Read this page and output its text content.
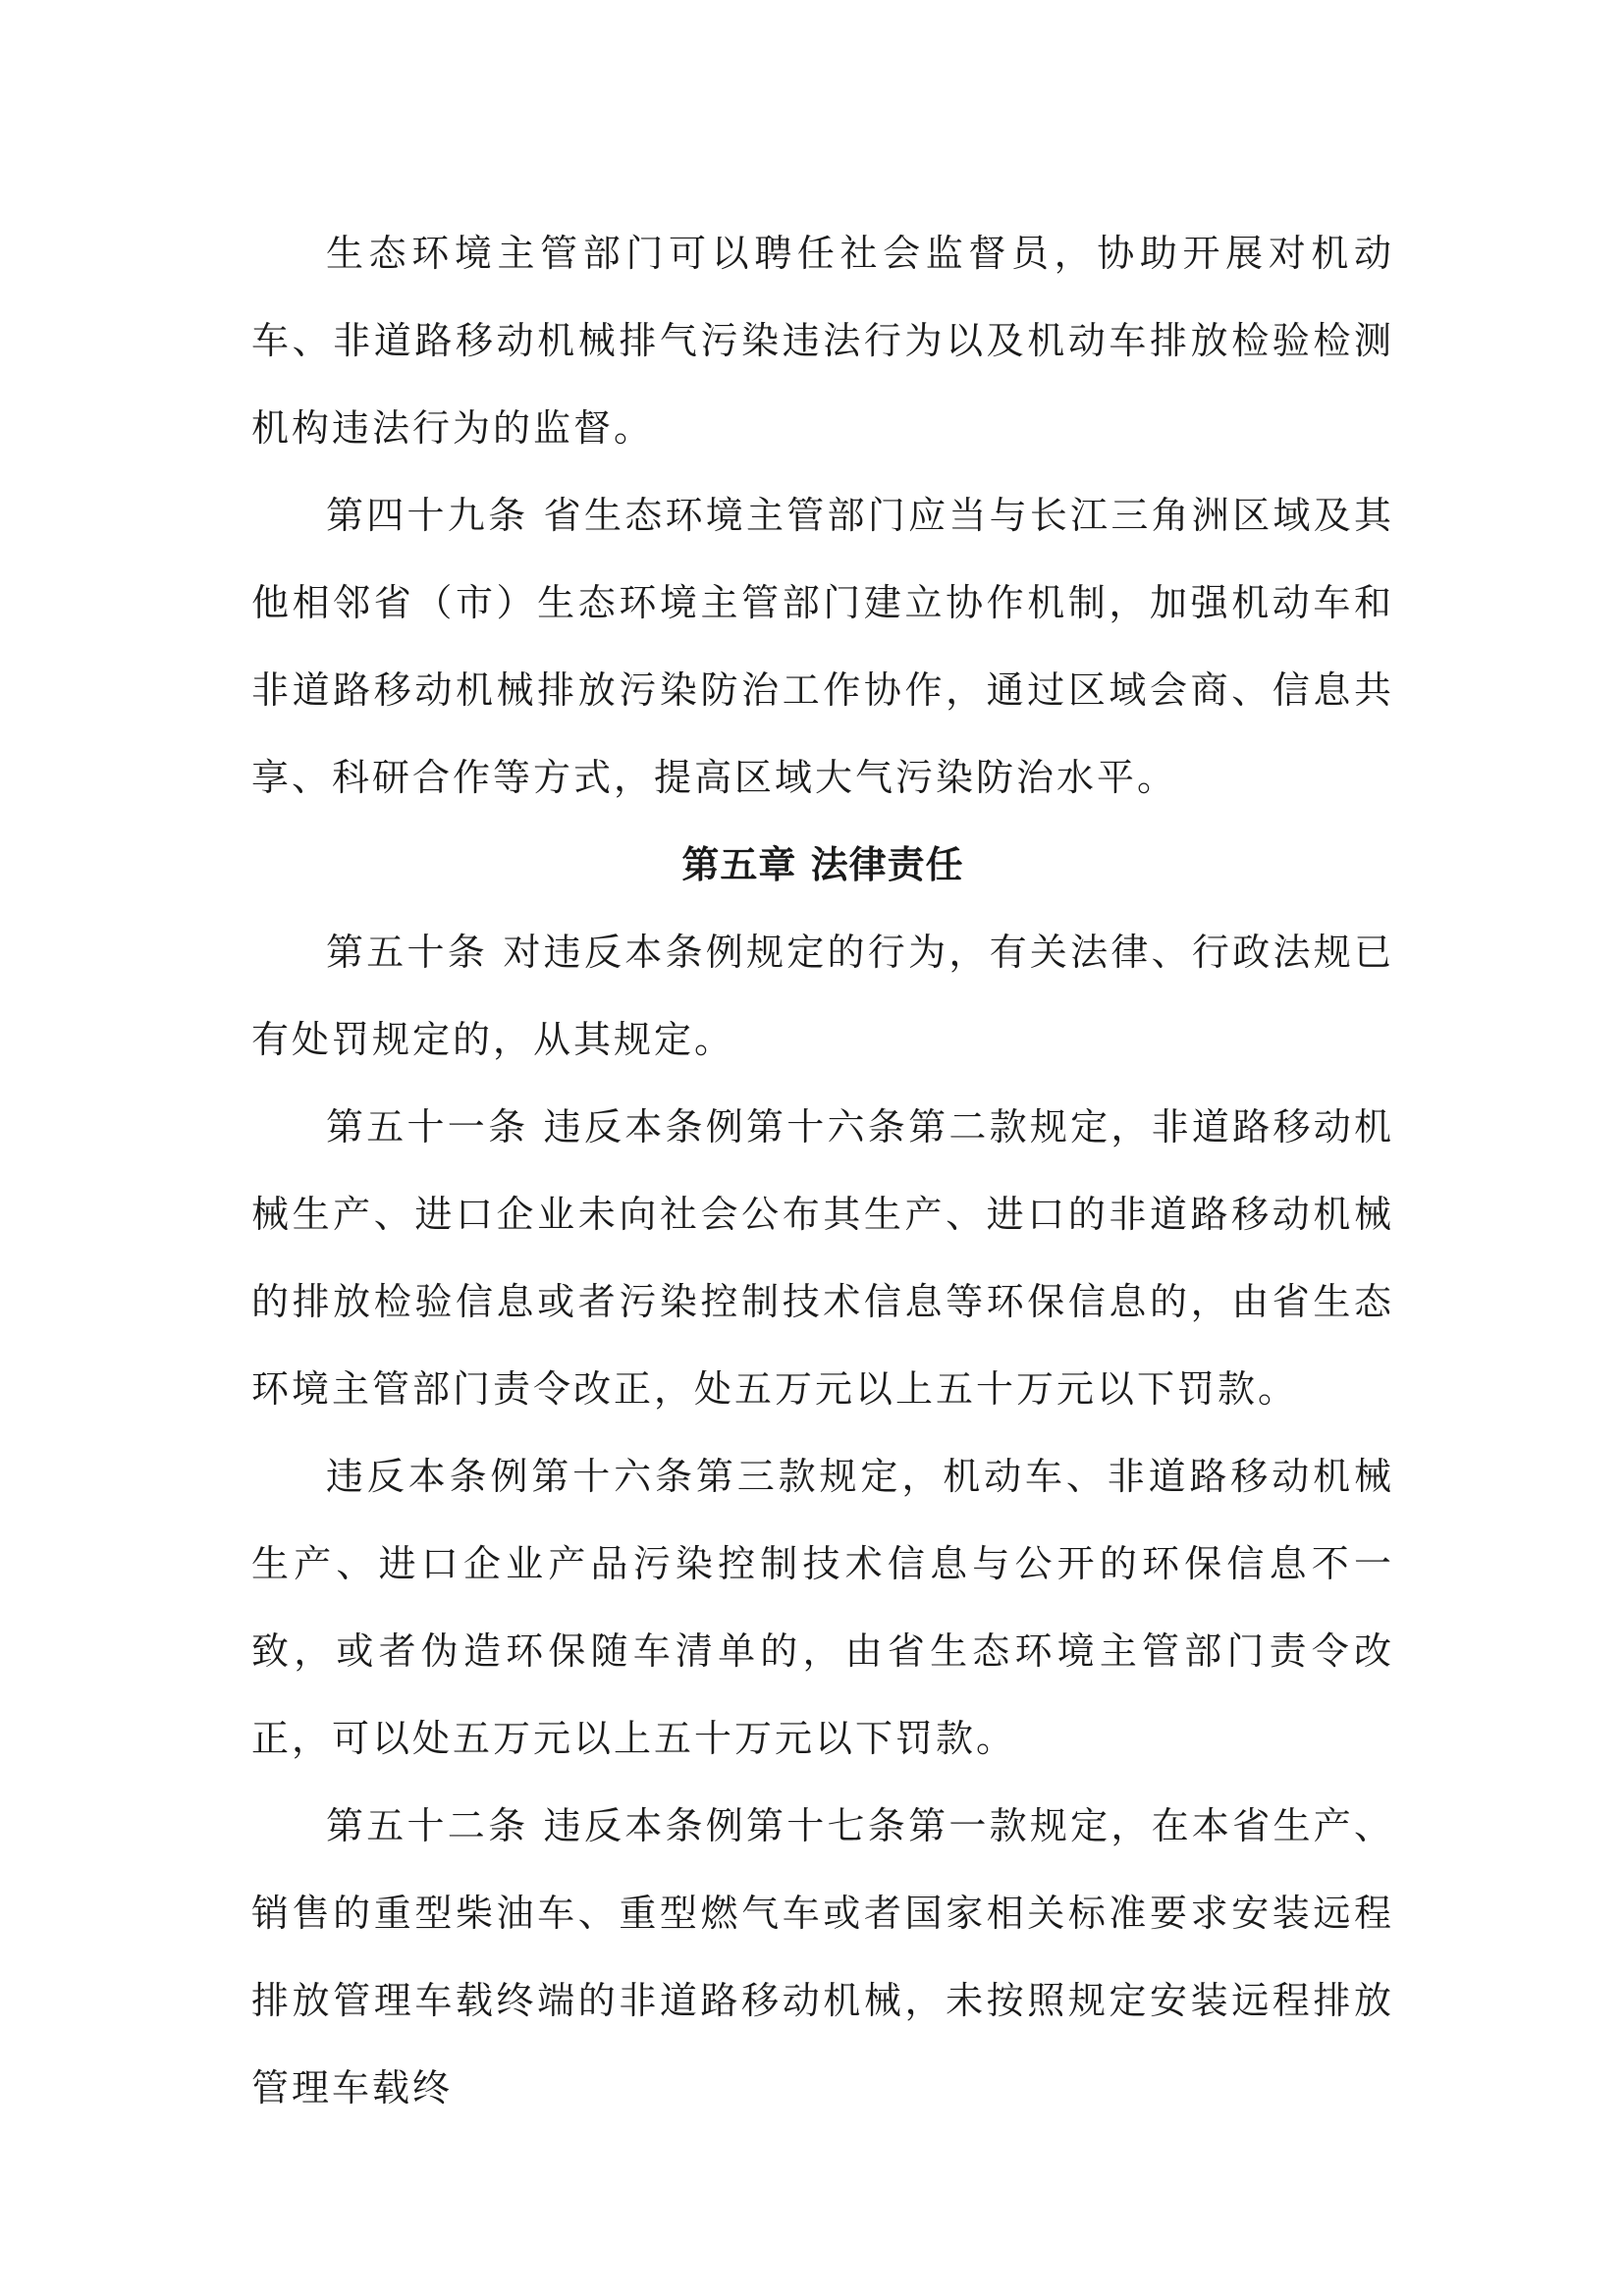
生态环境主管部门可以聘任社会监督员，协助开展对机动车、非道路移动机械排气污染违法行为以及机动车排放检验检测机构违法行为的监督。

第四十九条 省生态环境主管部门应当与长江三角洲区域及其他相邻省（市）生态环境主管部门建立协作机制，加强机动车和非道路移动机械排放污染防治工作协作，通过区域会商、信息共享、科研合作等方式，提高区域大气污染防治水平。

第五章 法律责任

第五十条 对违反本条例规定的行为，有关法律、行政法规已有处罚规定的，从其规定。

第五十一条 违反本条例第十六条第二款规定，非道路移动机械生产、进口企业未向社会公布其生产、进口的非道路移动机械的排放检验信息或者污染控制技术信息等环保信息的，由省生态环境主管部门责令改正，处五万元以上五十万元以下罚款。

违反本条例第十六条第三款规定，机动车、非道路移动机械生产、进口企业产品污染控制技术信息与公开的环保信息不一致，或者伪造环保随车清单的，由省生态环境主管部门责令改正，可以处五万元以上五十万元以下罚款。

第五十二条 违反本条例第十七条第一款规定，在本省生产、销售的重型柴油车、重型燃气车或者国家相关标准要求安装远程排放管理车载终端的非道路移动机械，未按照规定安装远程排放管理车载终
